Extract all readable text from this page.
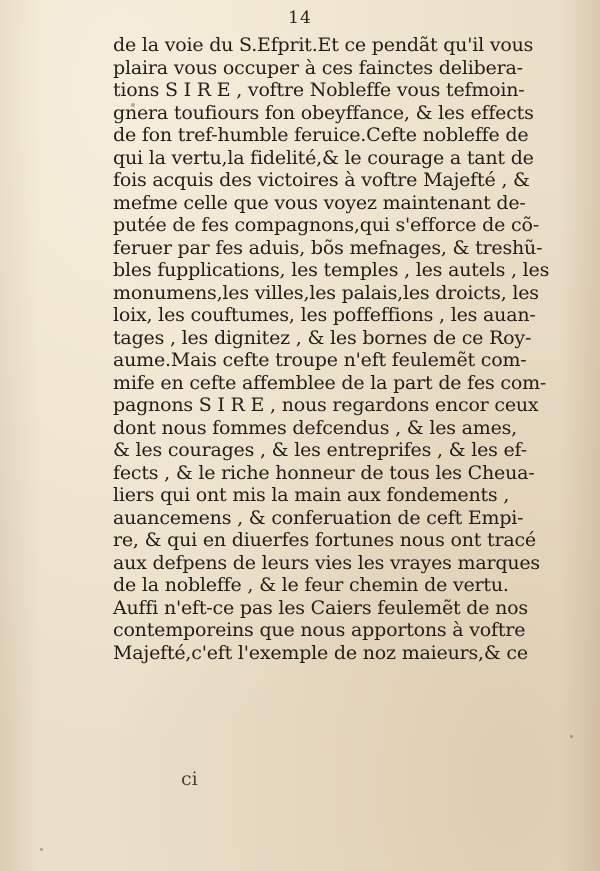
14
de la voie du S.Efprit.Et ce pendãt qu'il vous
plaira vous occuper à ces fainctes delibera-
tions S I R E , voftre Nobleffe vous tefmoin-
gnera toufiours fon obeyffance, & les effects
de fon tref-humble feruice.Cefte nobleffe de
qui la vertu,la fidelité,& le courage a tant de
fois acquis des victoires à voftre Majefté , &
mefme celle que vous voyez maintenant de-
putée de fes compagnons,qui s'efforce de cõ-
feruer par fes aduis, bõs mefnages, & treshũ-
bles fupplications, les temples , les autels , les
monumens,les villes,les palais,les droicts, les
loix, les couftumes, les poffeffions , les auan-
tages , les dignitez , & les bornes de ce Roy-
aume.Mais cefte troupe n'eft feulemẽt com-
mife en cefte affemblee de la part de fes com-
pagnons S I R E , nous regardons encor ceux
dont nous fommes defcendus , & les ames,
& les courages , & les entreprifes , & les ef-
fects , & le riche honneur de tous les Cheua-
liers qui ont mis la main aux fondements ,
auancemens , & conferuation de ceft Empi-
re, & qui en diuerfes fortunes nous ont tracé
aux defpens de leurs vies les vrayes marques
de la nobleffe , & le feur chemin de vertu.
Auffi n'eft-ce pas les Caiers feulemẽt de nos
contemporeins que nous apportons à voftre
Majefté,c'eft l'exemple de noz maieurs,& ce
ci
